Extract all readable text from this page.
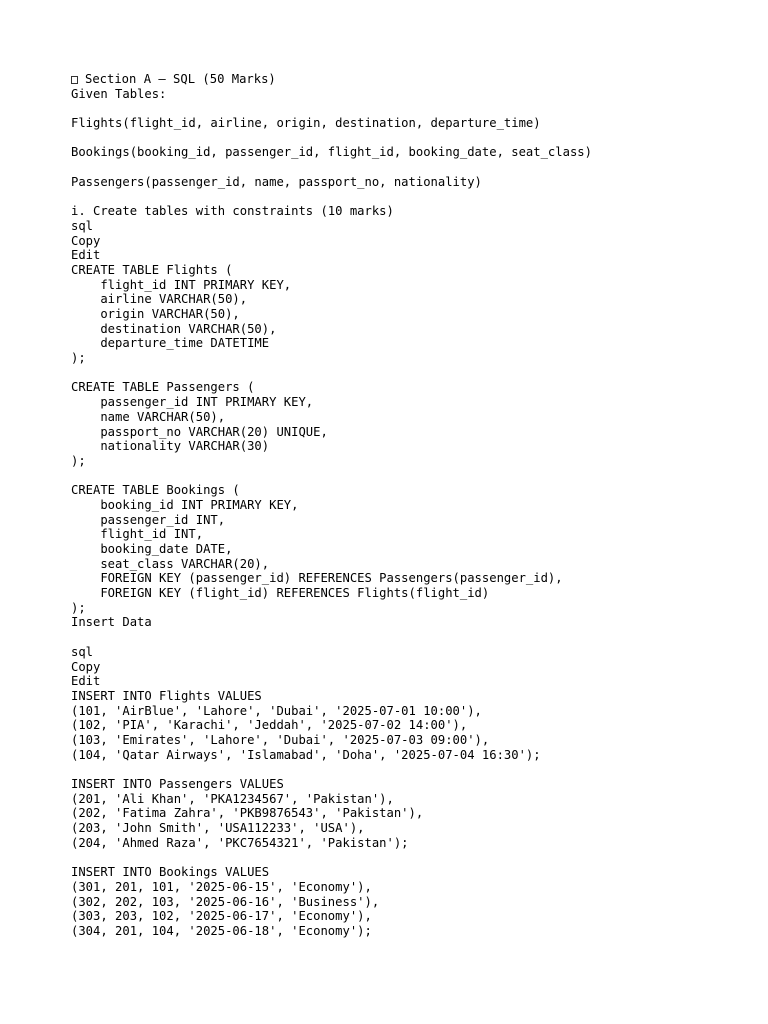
Section A – SQL (50 Marks)
Given Tables:
Flights(flight_id, airline, origin, destination, departure_time)
Bookings(booking_id, passenger_id, flight_id, booking_date, seat_class)
Passengers(passenger_id, name, passport_no, nationality)
i. Create tables with constraints (10 marks)
sql
Copy
Edit
CREATE TABLE Flights (
flight_id INT PRIMARY KEY,
airline VARCHAR(50),
origin VARCHAR(50),
destination VARCHAR(50),
departure_time DATETIME
);
CREATE TABLE Passengers (
passenger_id INT PRIMARY KEY,
name VARCHAR(50),
passport_no VARCHAR(20) UNIQUE,
nationality VARCHAR(30)
);
CREATE TABLE Bookings (
booking_id INT PRIMARY KEY,
passenger_id INT,
flight_id INT,
booking_date DATE,
seat_class VARCHAR(20),
FOREIGN KEY (passenger_id) REFERENCES Passengers(passenger_id),
FOREIGN KEY (flight_id) REFERENCES Flights(flight_id)
);
Insert Data
sql
Copy
Edit
INSERT INTO Flights VALUES
(101, 'AirBlue', 'Lahore', 'Dubai', '2025-07-01 10:00'),
(102, 'PIA', 'Karachi', 'Jeddah', '2025-07-02 14:00'),
(103, 'Emirates', 'Lahore', 'Dubai', '2025-07-03 09:00'),
(104, 'Qatar Airways', 'Islamabad', 'Doha', '2025-07-04 16:30');
INSERT INTO Passengers VALUES
(201, 'Ali Khan', 'PKA1234567', 'Pakistan'),
(202, 'Fatima Zahra', 'PKB9876543', 'Pakistan'),
(203, 'John Smith', 'USA112233', 'USA'),
(204, 'Ahmed Raza', 'PKC7654321', 'Pakistan');
INSERT INTO Bookings VALUES
(301, 201, 101, '2025-06-15', 'Economy'),
(302, 202, 103, '2025-06-16', 'Business'),
(303, 203, 102, '2025-06-17', 'Economy'),
(304, 201, 104, '2025-06-18', 'Economy');
